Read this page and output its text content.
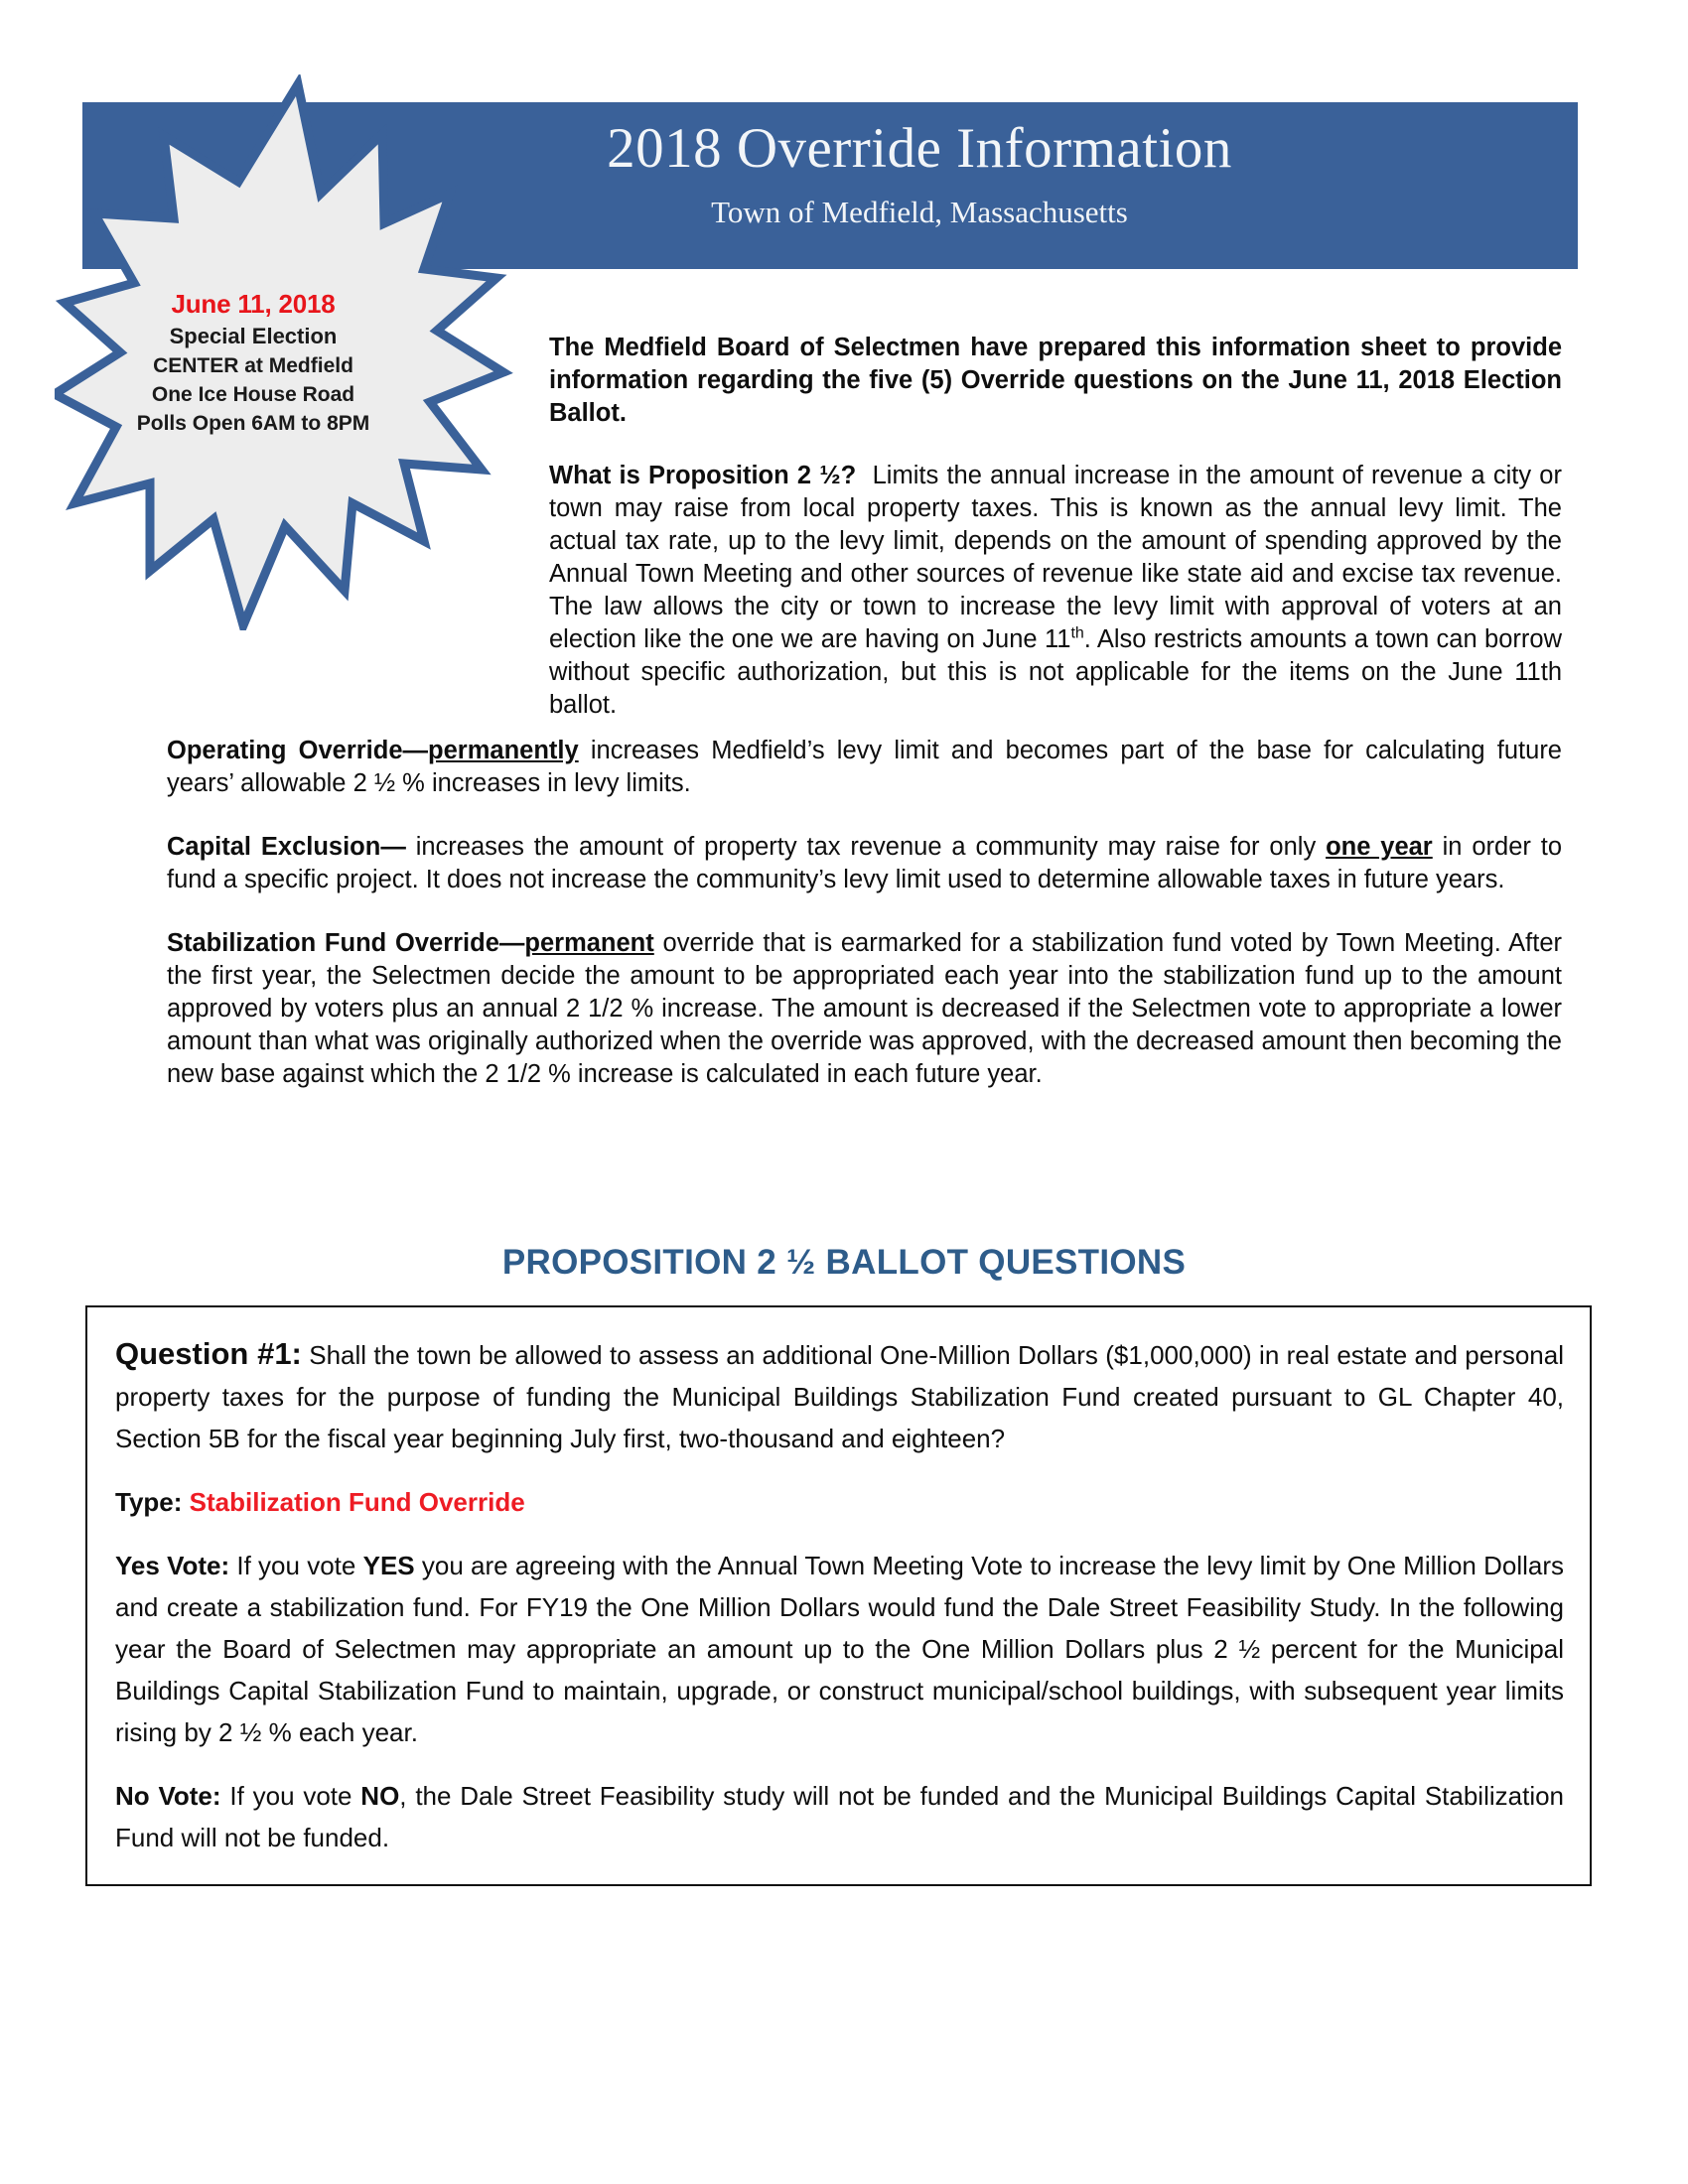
2018 Override Information
Town of Medfield, Massachusetts
June 11, 2018
Special Election
CENTER at Medfield
One Ice House Road
Polls Open 6AM to 8PM
The Medfield Board of Selectmen have prepared this information sheet to provide information regarding the five (5) Override questions on the June 11, 2018 Election Ballot.
What is Proposition 2 ½? Limits the annual increase in the amount of revenue a city or town may raise from local property taxes. This is known as the annual levy limit. The actual tax rate, up to the levy limit, depends on the amount of spending approved by the Annual Town Meeting and other sources of revenue like state aid and excise tax revenue. The law allows the city or town to increase the levy limit with approval of voters at an election like the one we are having on June 11th. Also restricts amounts a town can borrow without specific authorization, but this is not applicable for the items on the June 11th ballot.
Operating Override—permanently increases Medfield’s levy limit and becomes part of the base for calculating future years’ allowable 2 ½ % increases in levy limits.
Capital Exclusion— increases the amount of property tax revenue a community may raise for only one year in order to fund a specific project. It does not increase the community’s levy limit used to determine allowable taxes in future years.
Stabilization Fund Override—permanent override that is earmarked for a stabilization fund voted by Town Meeting. After the first year, the Selectmen decide the amount to be appropriated each year into the stabilization fund up to the amount approved by voters plus an annual 2 1/2 % increase. The amount is decreased if the Selectmen vote to appropriate a lower amount than what was originally authorized when the override was approved, with the decreased amount then becoming the new base against which the 2 1/2 % increase is calculated in each future year.
PROPOSITION 2 ½ BALLOT QUESTIONS

Question #1: Shall the town be allowed to assess an additional One-Million Dollars ($1,000,000) in real estate and personal property taxes for the purpose of funding the Municipal Buildings Stabilization Fund created pursuant to GL Chapter 40, Section 5B for the fiscal year beginning July first, two-thousand and eighteen?

Type: Stabilization Fund Override

Yes Vote: If you vote YES you are agreeing with the Annual Town Meeting Vote to increase the levy limit by One Million Dollars and create a stabilization fund. For FY19 the One Million Dollars would fund the Dale Street Feasibility Study. In the following year the Board of Selectmen may appropriate an amount up to the One Million Dollars plus 2 ½ percent for the Municipal Buildings Capital Stabilization Fund to maintain, upgrade, or construct municipal/school buildings, with subsequent year limits rising by 2 ½ % each year.

No Vote: If you vote NO, the Dale Street Feasibility study will not be funded and the Municipal Buildings Capital Stabilization Fund will not be funded.
